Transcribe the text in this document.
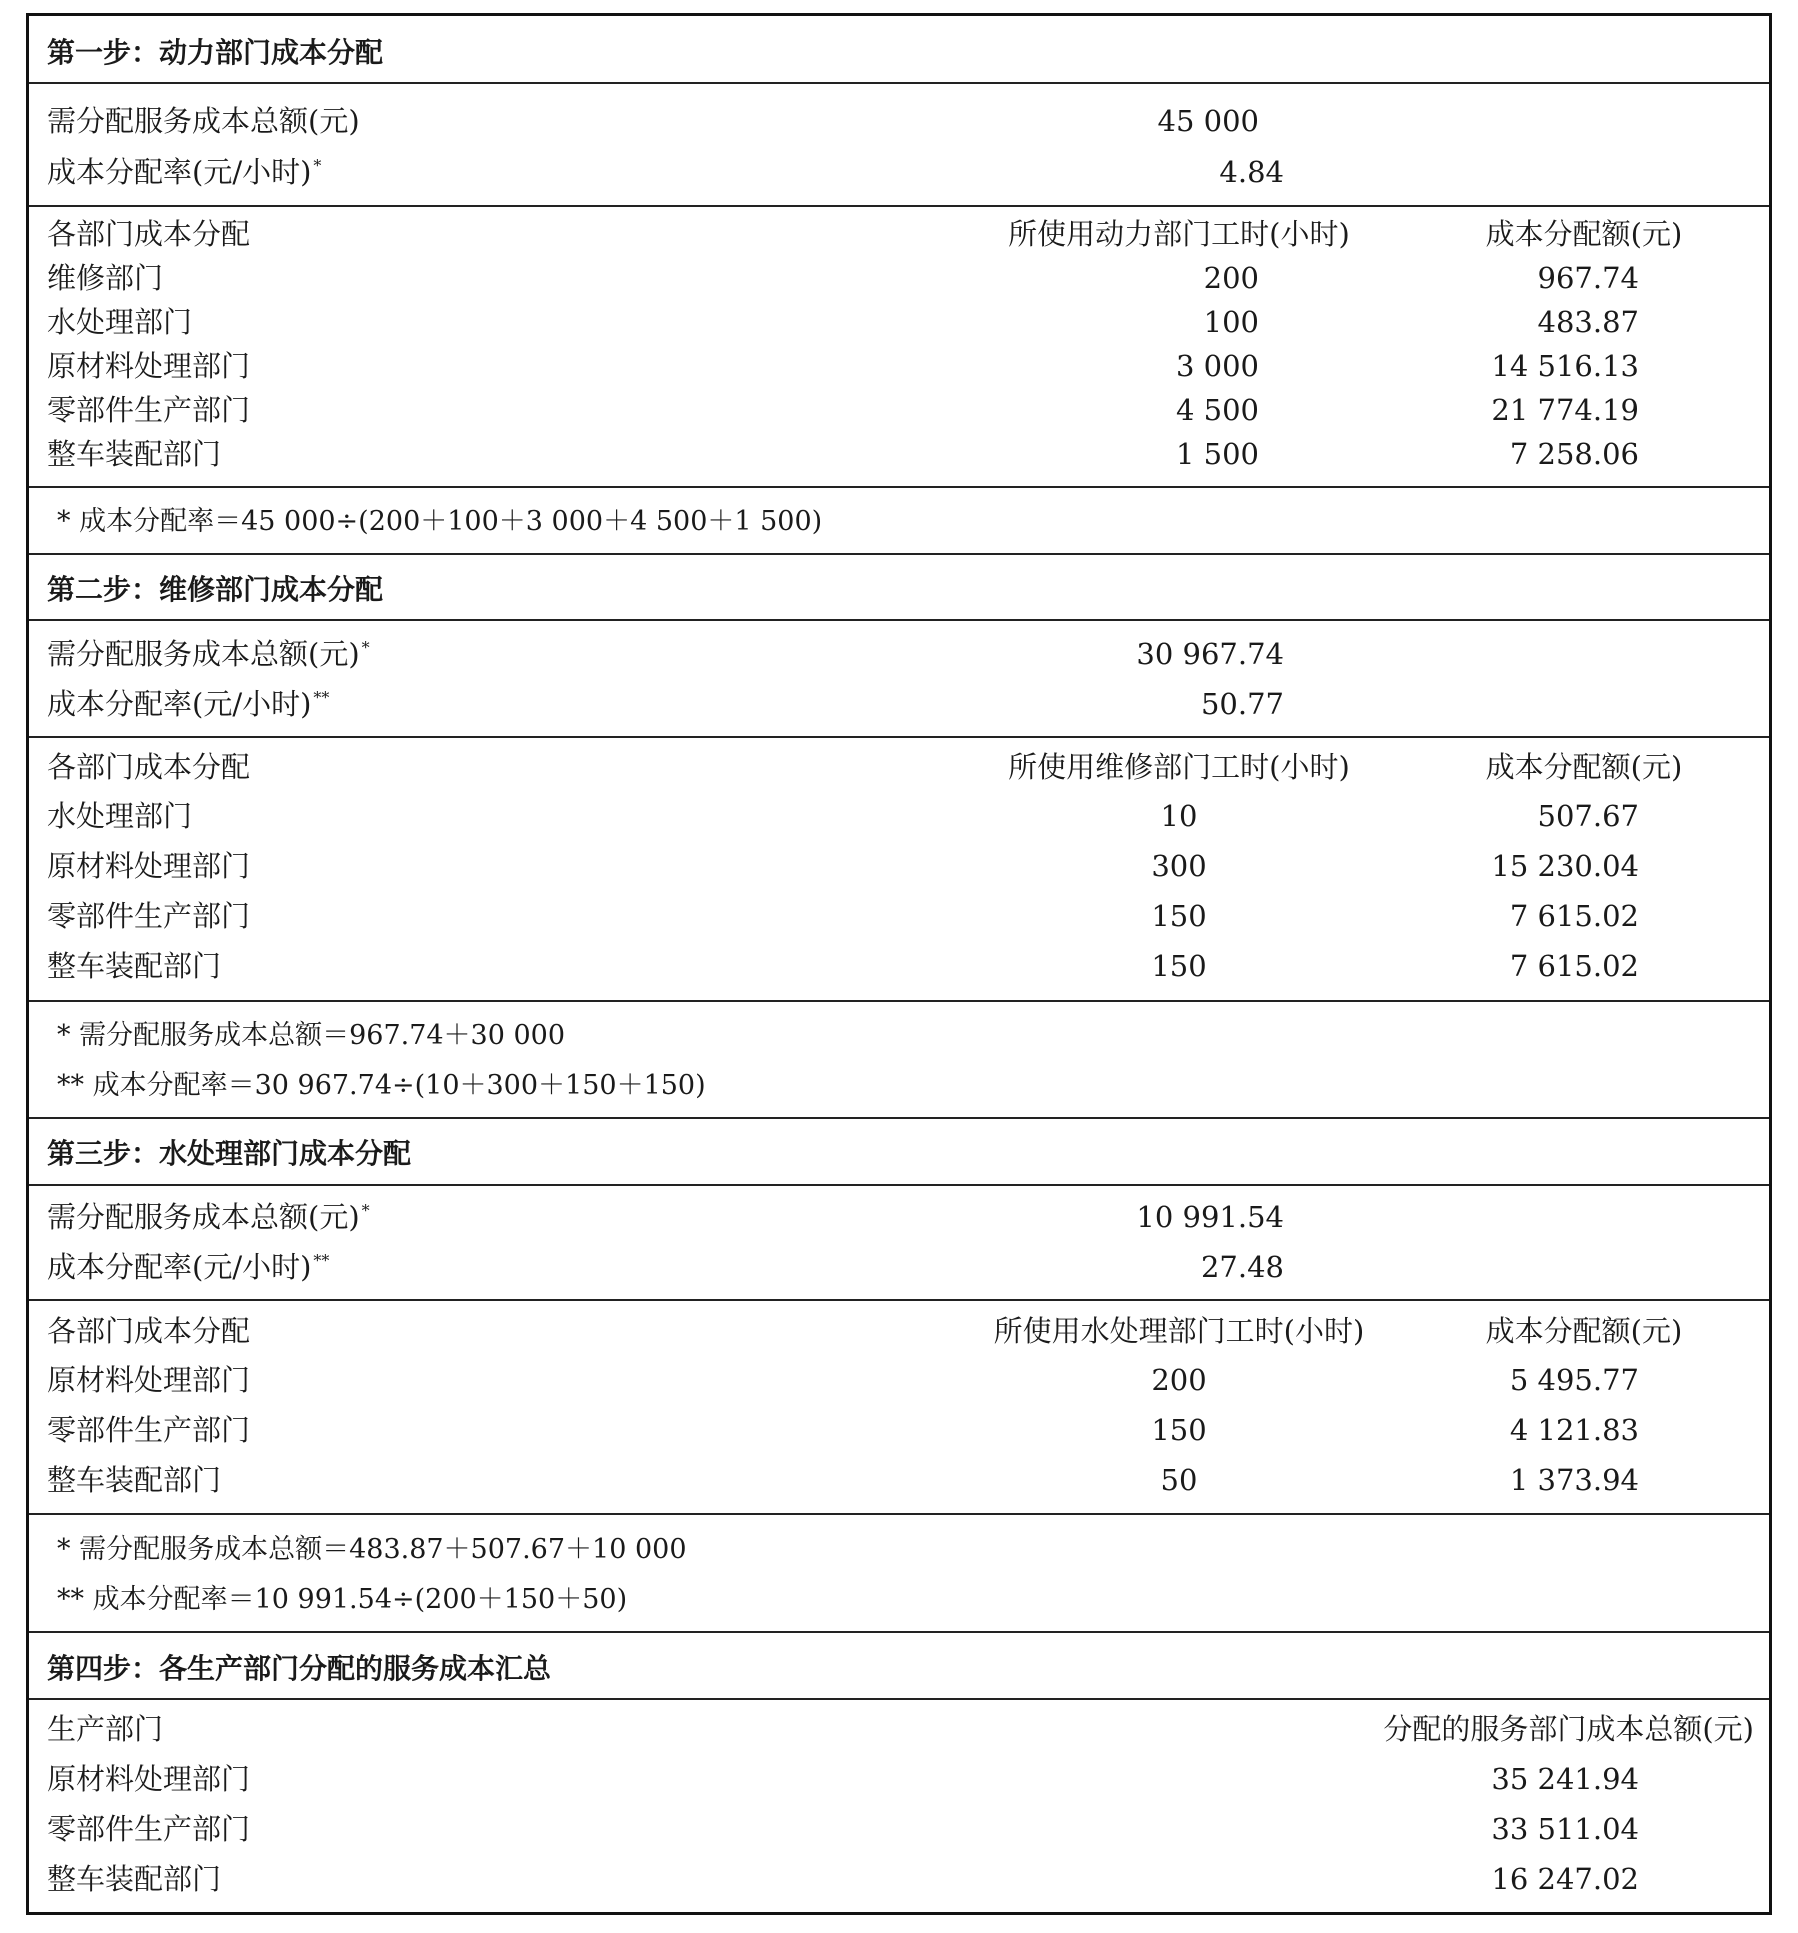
第一步：动力部门成本分配
需分配服务成本总额(元)	45 000
成本分配率(元/小时) *	4.84
各部门成本分配	所使用动力部门工时(小时)	成本分配额(元)
维修部门	200	967.74
水处理部门	100	483.87
原材料处理部门	3 000	14 516.13
零部件生产部门	4 500	21 774.19
整车装配部门	1 500	7 258.06
* 成本分配率＝45 000÷(200＋100＋3 000＋4 500＋1 500)
第二步：维修部门成本分配
需分配服务成本总额(元) *	30 967.74
成本分配率(元/小时) **	50.77
各部门成本分配	所使用维修部门工时(小时)	成本分配额(元)
水处理部门	10	507.67
原材料处理部门	300	15 230.04
零部件生产部门	150	7 615.02
整车装配部门	150	7 615.02
* 需分配服务成本总额＝967.74＋30 000
** 成本分配率＝30 967.74÷(10＋300＋150＋150)
第三步：水处理部门成本分配
需分配服务成本总额(元) *	10 991.54
成本分配率(元/小时) **	27.48
各部门成本分配	所使用水处理部门工时(小时)	成本分配额(元)
原材料处理部门	200	5 495.77
零部件生产部门	150	4 121.83
整车装配部门	50	1 373.94
* 需分配服务成本总额＝483.87＋507.67＋10 000
** 成本分配率＝10 991.54÷(200＋150＋50)
第四步：各生产部门分配的服务成本汇总
生产部门	分配的服务部门成本总额(元)
原材料处理部门	35 241.94
零部件生产部门	33 511.04
整车装配部门	16 247.02
